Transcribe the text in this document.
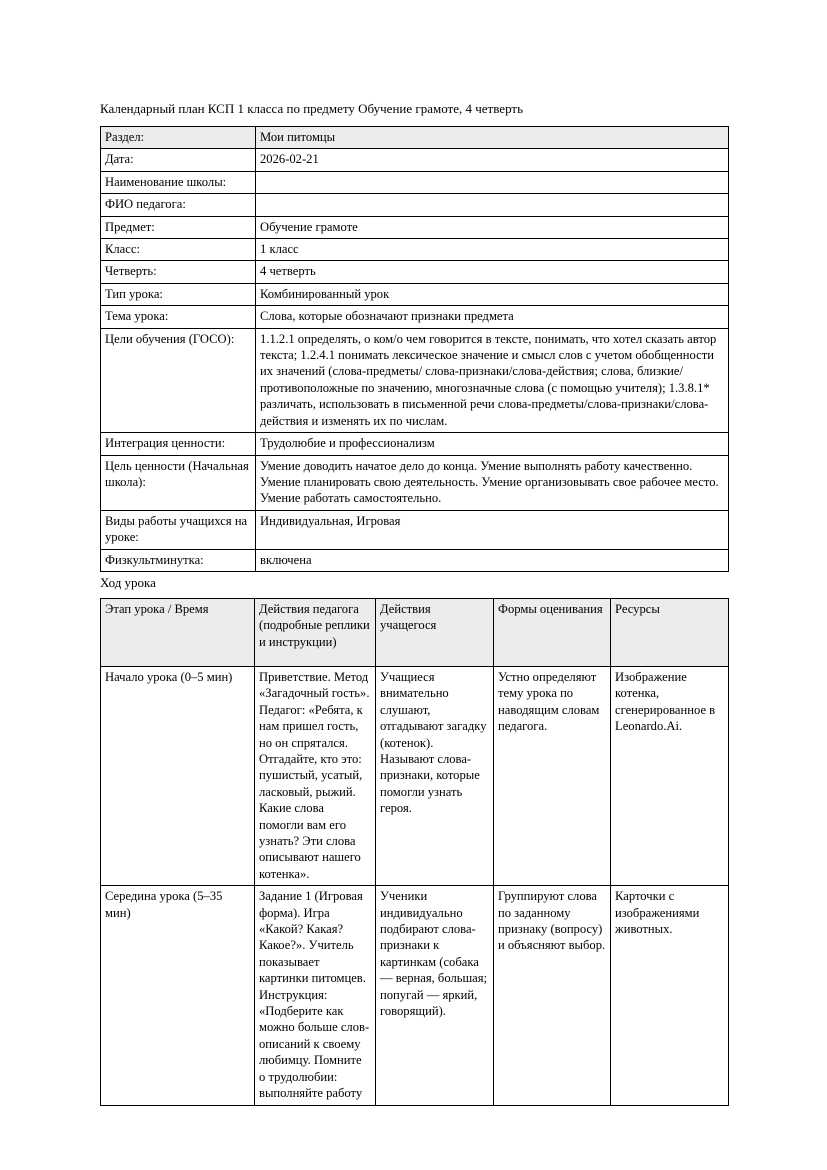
Календарный план КСП 1 класса по предмету Обучение грамоте, 4 четверть

Раздел:	Мои питомцы
Дата:	2026-02-21
Наименование школы:	
ФИО педагога:	
Предмет:	Обучение грамоте
Класс:	1 класс
Четверть:	4 четверть
Тип урока:	Комбинированный урок
Тема урока:	Слова, которые обозначают признаки предмета
Цели обучения (ГОСО):	1.1.2.1 определять, о ком/о чем говорится в тексте, понимать, что хотел сказать автор текста; 1.2.4.1 понимать лексическое значение и смысл слов с учетом обобщенности их значений (слова-предметы/ слова-признаки/слова-действия; слова, близкие/ противоположные по значению, многозначные слова (с помощью учителя); 1.3.8.1* различать, использовать в письменной речи слова-предметы/слова-признаки/слова-действия и изменять их по числам.
Интеграция ценности:	Трудолюбие и профессионализм
Цель ценности (Начальная школа):	Умение доводить начатое дело до конца. Умение выполнять работу качественно. Умение планировать свою деятельность. Умение организовывать свое рабочее место. Умение работать самостоятельно.
Виды работы учащихся на уроке:	Индивидуальная, Игровая
Физкультминутка:	включена

Ход урока

Этап урока / Время	Действия педагога (подробные реплики и инструкции)	Действия учащегося	Формы оценивания	Ресурсы
Начало урока (0–5 мин)	Приветствие. Метод «Загадочный гость». Педагог: «Ребята, к нам пришел гость, но он спрятался. Отгадайте, кто это: пушистый, усатый, ласковый, рыжий. Какие слова помогли вам его узнать? Эти слова описывают нашего котенка».	Учащиеся внимательно слушают, отгадывают загадку (котенок). Называют слова-признаки, которые помогли узнать героя.	Устно определяют тему урока по наводящим словам педагога.	Изображение котенка, сгенерированное в Leonardo.Ai.
Середина урока (5–35 мин)	Задание 1 (Игровая форма). Игра «Какой? Какая? Какое?». Учитель показывает картинки питомцев. Инструкция: «Подберите как можно больше слов-описаний к своему любимцу. Помните о трудолюбии: выполняйте работу	Ученики индивидуально подбирают слова-признаки к картинкам (собака — верная, большая; попугай — яркий, говорящий).	Группируют слова по заданному признаку (вопросу) и объясняют выбор.	Карточки с изображениями животных.
